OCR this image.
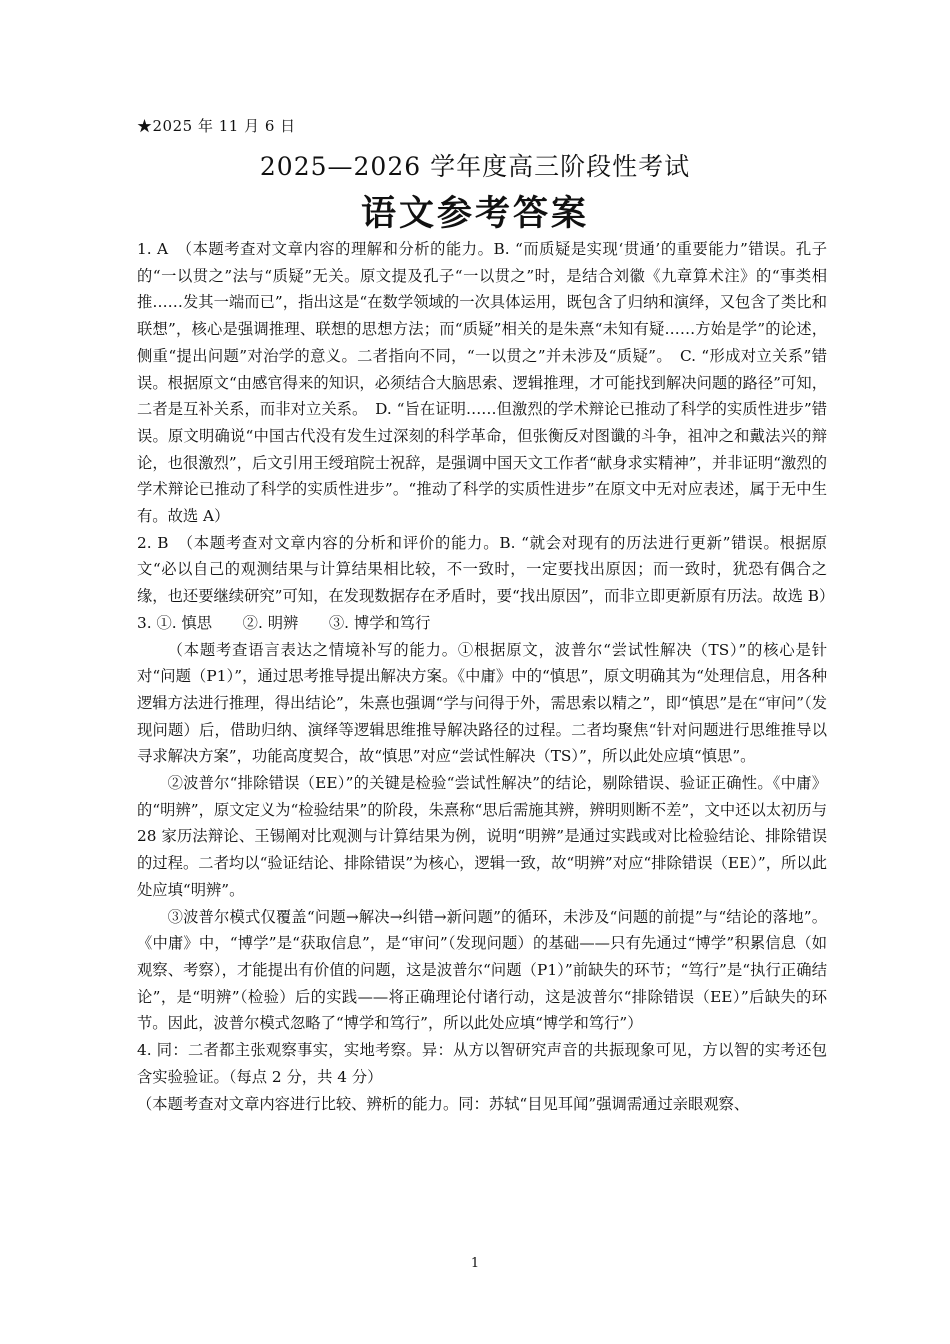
★2025 年 11 月 6 日
2025—2026 学年度高三阶段性考试
语文参考答案

1. A　（本题考查对文章内容的理解和分析的能力。B. “而质疑是实现‘贯通’的重要能力”错误。孔子的“一以贯之”法与“质疑”无关。原文提及孔子“一以贯之”时，是结合刘徽《九章算术注》的“事类相推……发其一端而已”，指出这是“在数学领域的一次具体运用，既包含了归纳和演绎，又包含了类比和联想”，核心是强调推理、联想的思想方法；而“质疑”相关的是朱熹“未知有疑……方始是学”的论述，侧重“提出问题”对治学的意义。二者指向不同，“一以贯之”并未涉及“质疑”。　C. “形成对立关系”错误。根据原文“由感官得来的知识，必须结合大脑思索、逻辑推理，才可能找到解决问题的路径”可知，二者是互补关系，而非对立关系。　D. “旨在证明……但激烈的学术辩论已推动了科学的实质性进步”错误。原文明确说“中国古代没有发生过深刻的科学革命，但张衡反对图谶的斗争，祖冲之和戴法兴的辩论，也很激烈”，后文引用王绶琯院士祝辞，是强调中国天文工作者“献身求实精神”，并非证明“激烈的学术辩论已推动了科学的实质性进步”。“推动了科学的实质性进步”在原文中无对应表述，属于无中生有。故选 A）

2. B　（本题考查对文章内容的分析和评价的能力。B. “就会对现有的历法进行更新”错误。根据原文“必以自己的观测结果与计算结果相比较，不一致时，一定要找出原因；而一致时，犹恐有偶合之缘，也还要继续研究”可知，在发现数据存在矛盾时，要“找出原因”，而非立即更新原有历法。故选 B）

3. ①. 慎思　　②. 明辨　　③. 博学和笃行

（本题考查语言表达之情境补写的能力。①根据原文，波普尔“尝试性解决（TS）”的核心是针对“问题（P1）”，通过思考推导提出解决方案。《中庸》中的“慎思”，原文明确其为“处理信息，用各种逻辑方法进行推理，得出结论”，朱熹也强调“学与问得于外，需思索以精之”，即“慎思”是在“审问”（发现问题）后，借助归纳、演绎等逻辑思维推导解决路径的过程。二者均聚焦“针对问题进行思维推导以寻求解决方案”，功能高度契合，故“慎思”对应“尝试性解决（TS）”，所以此处应填“慎思”。

②波普尔“排除错误（EE）”的关键是检验“尝试性解决”的结论，剔除错误、验证正确性。《中庸》的“明辨”，原文定义为“检验结果”的阶段，朱熹称“思后需施其辨，辨明则断不差”，文中还以太初历与 28 家历法辩论、王锡阐对比观测与计算结果为例，说明“明辨”是通过实践或对比检验结论、排除错误的过程。二者均以“验证结论、排除错误”为核心，逻辑一致，故“明辨”对应“排除错误（EE）”，所以此处应填“明辨”。

③波普尔模式仅覆盖“问题→解决→纠错→新问题”的循环，未涉及“问题的前提”与“结论的落地”。《中庸》中，“博学”是“获取信息”，是“审问”（发现问题）的基础——只有先通过“博学”积累信息（如观察、考察），才能提出有价值的问题，这是波普尔“问题（P1）”前缺失的环节；“笃行”是“执行正确结论”，是“明辨”（检验）后的实践——将正确理论付诸行动，这是波普尔“排除错误（EE）”后缺失的环节。因此，波普尔模式忽略了“博学和笃行”，所以此处应填“博学和笃行”）

4. 同：二者都主张观察事实，实地考察。异：从方以智研究声音的共振现象可见，方以智的实考还包含实验验证。（每点 2 分，共 4 分）

（本题考查对文章内容进行比较、辨析的能力。同：苏轼“目见耳闻”强调需通过亲眼观察、

1
